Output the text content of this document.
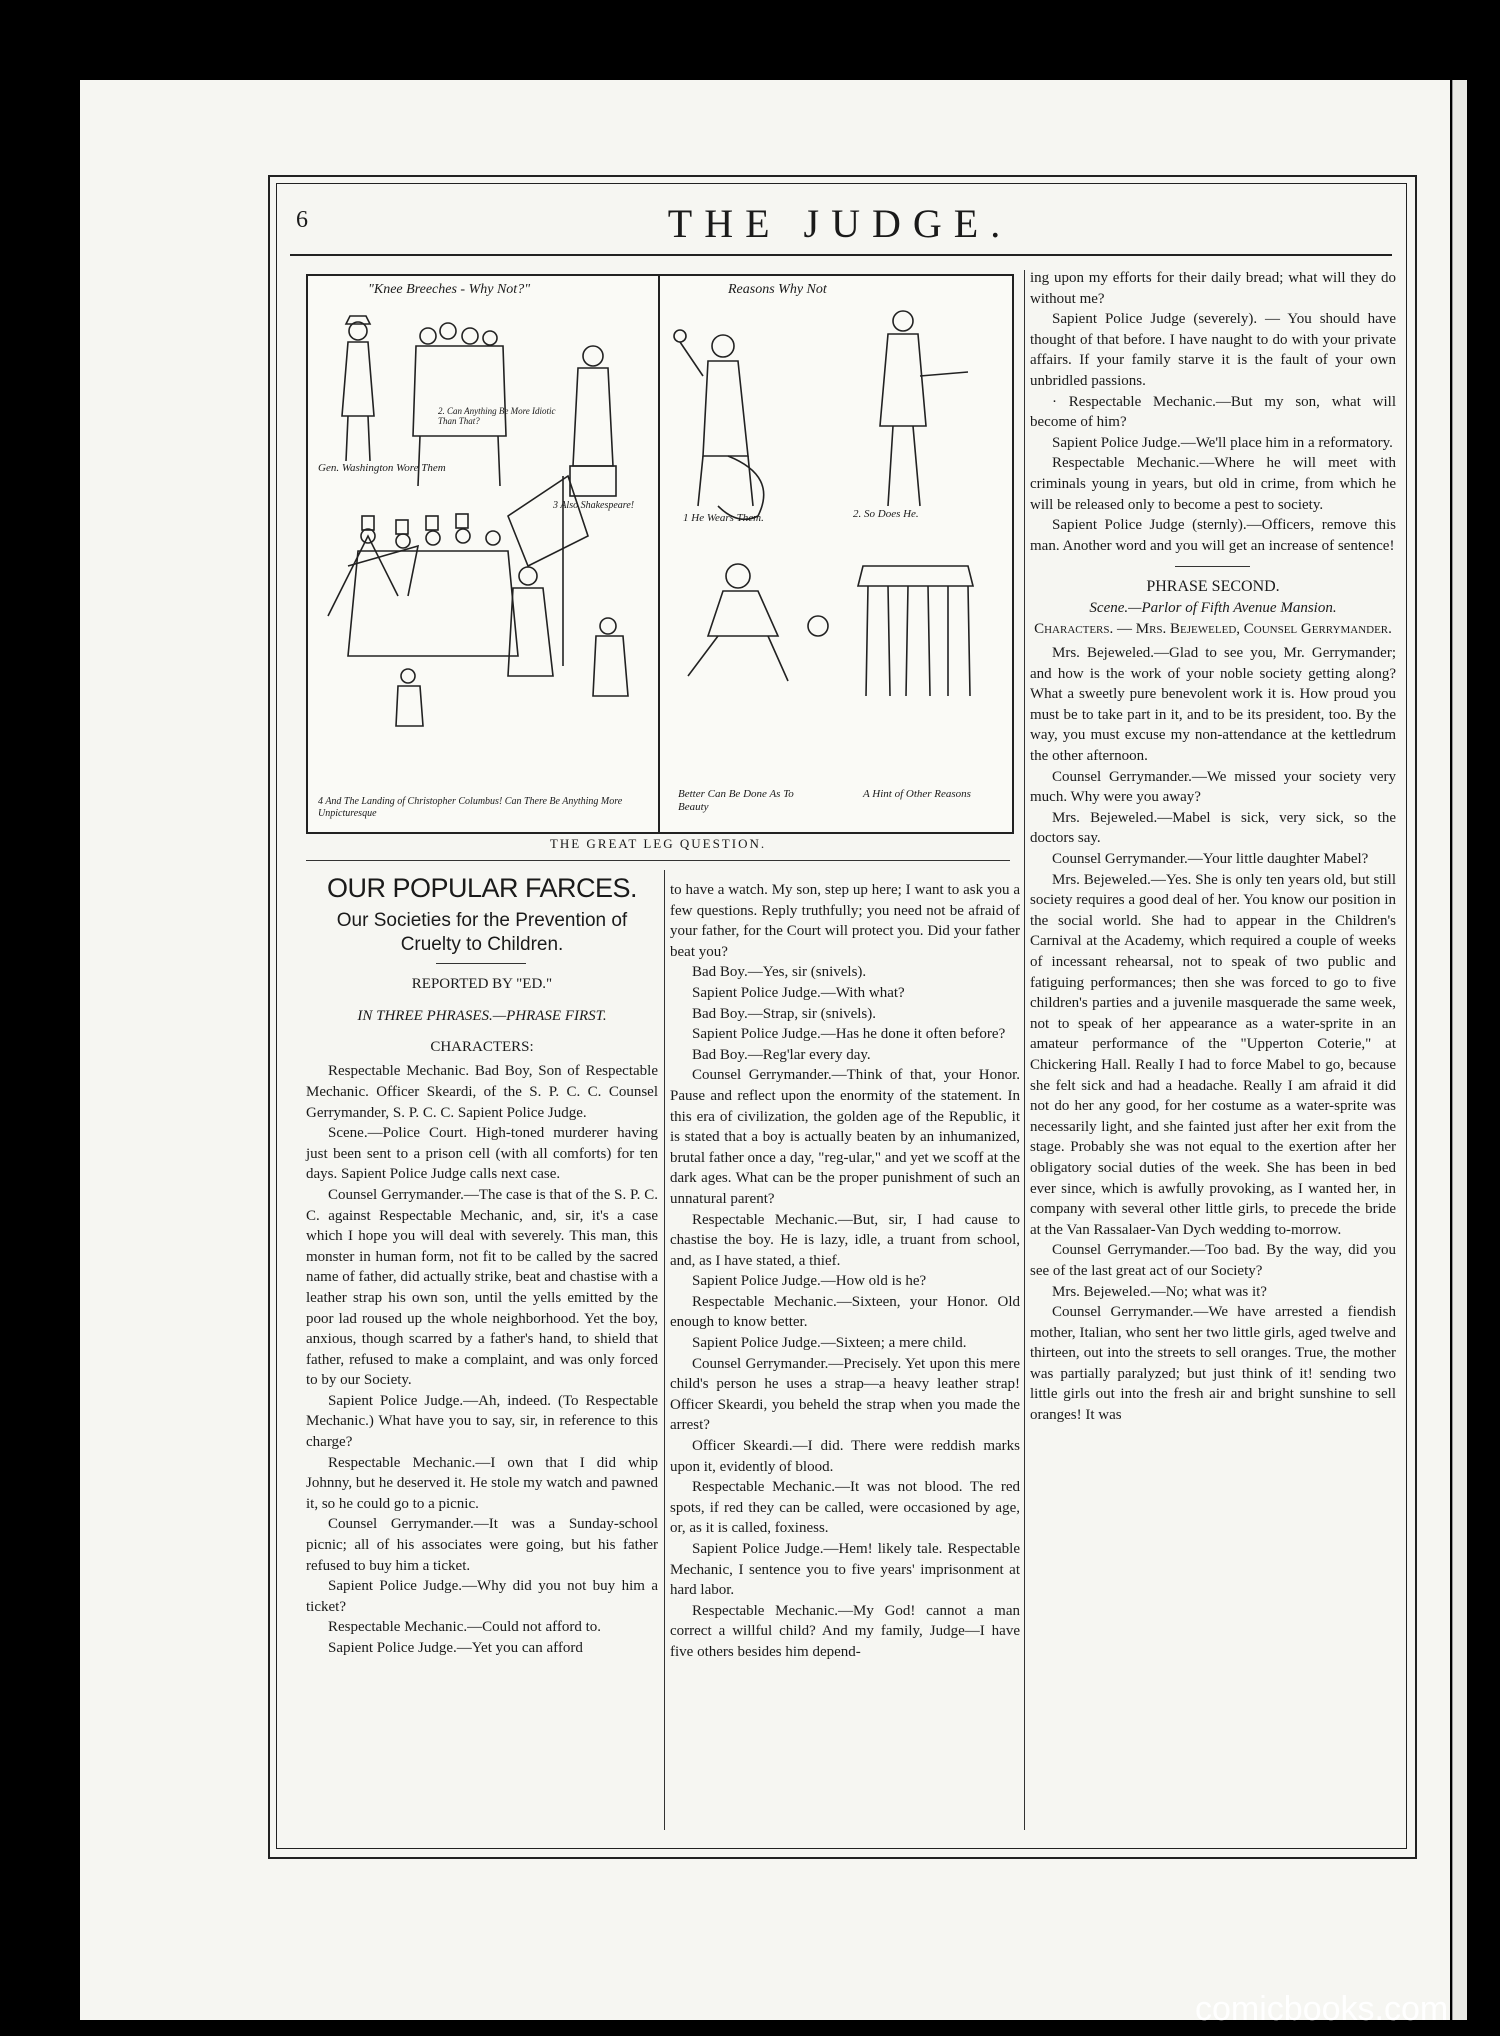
6	THE JUDGE.
"Knee Breeches - Why Not?"	Reasons Why Not
Gen. Washington Wore Them
2. Can Anything Be More Idiotic Than That?
3 Also Shakespeare!
4 And The Landing of Christopher Columbus! Can There Be Anything More Unpicturesque
1 He Wears Them.	2. So Does He.
Better Can Be Done As To Beauty
A Hint of Other Reasons
THE GREAT LEG QUESTION.
OUR POPULAR FARCES.
Our Societies for the Prevention of Cruelty to Children.

REPORTED BY "ED."

IN THREE PHRASES.—PHRASE FIRST.

CHARACTERS:

Respectable Mechanic. Bad Boy, Son of Respectable Mechanic. Officer Skeardi, of the S. P. C. C. Counsel Gerrymander, S. P. C. C. Sapient Police Judge.

Scene.—Police Court. High-toned murderer having just been sent to a prison cell (with all comforts) for ten days. Sapient Police Judge calls next case.

Counsel Gerrymander.—The case is that of the S. P. C. C. against Respectable Mechanic, and, sir, it's a case which I hope you will deal with severely. This man, this monster in human form, not fit to be called by the sacred name of father, did actually strike, beat and chastise with a leather strap his own son, until the yells emitted by the poor lad roused up the whole neighborhood. Yet the boy, anxious, though scarred by a father's hand, to shield that father, refused to make a complaint, and was only forced to by our Society.

Sapient Police Judge.—Ah, indeed. (To Respectable Mechanic.) What have you to say, sir, in reference to this charge?

Respectable Mechanic.—I own that I did whip Johnny, but he deserved it. He stole my watch and pawned it, so he could go to a picnic.

Counsel Gerrymander.—It was a Sunday-school picnic; all of his associates were going, but his father refused to buy him a ticket.

Sapient Police Judge.—Why did you not buy him a ticket?

Respectable Mechanic.—Could not afford to.

Sapient Police Judge.—Yet you can afford

to have a watch. My son, step up here; I want to ask you a few questions. Reply truthfully; you need not be afraid of your father, for the Court will protect you. Did your father beat you?

Bad Boy.—Yes, sir (snivels).

Sapient Police Judge.—With what?

Bad Boy.—Strap, sir (snivels).

Sapient Police Judge.—Has he done it often before?

Bad Boy.—Reg'lar every day.

Counsel Gerrymander.—Think of that, your Honor. Pause and reflect upon the enormity of the statement. In this era of civilization, the golden age of the Republic, it is stated that a boy is actually beaten by an inhumanized, brutal father once a day, "reg-ular," and yet we scoff at the dark ages. What can be the proper punishment of such an unnatural parent?

Respectable Mechanic.—But, sir, I had cause to chastise the boy. He is lazy, idle, a truant from school, and, as I have stated, a thief.

Sapient Police Judge.—How old is he?

Respectable Mechanic.—Sixteen, your Honor. Old enough to know better.

Sapient Police Judge.—Sixteen; a mere child.

Counsel Gerrymander.—Precisely. Yet upon this mere child's person he uses a strap—a heavy leather strap! Officer Skeardi, you beheld the strap when you made the arrest?

Officer Skeardi.—I did. There were reddish marks upon it, evidently of blood.

Respectable Mechanic.—It was not blood. The red spots, if red they can be called, were occasioned by age, or, as it is called, foxiness.

Sapient Police Judge.—Hem! likely tale. Respectable Mechanic, I sentence you to five years' imprisonment at hard labor.

Respectable Mechanic.—My God! cannot a man correct a willful child? And my family, Judge—I have five others besides him depend-

ing upon my efforts for their daily bread; what will they do without me?

Sapient Police Judge (severely). — You should have thought of that before. I have naught to do with your private affairs. If your family starve it is the fault of your own unbridled passions.

· Respectable Mechanic.—But my son, what will become of him?

Sapient Police Judge.—We'll place him in a reformatory.

Respectable Mechanic.—Where he will meet with criminals young in years, but old in crime, from which he will be released only to become a pest to society.

Sapient Police Judge (sternly).—Officers, remove this man. Another word and you will get an increase of sentence!

PHRASE SECOND.

Scene.—Parlor of Fifth Avenue Mansion.

Characters. — Mrs. Bejeweled, Counsel Gerrymander.

Mrs. Bejeweled.—Glad to see you, Mr. Gerrymander; and how is the work of your noble society getting along? What a sweetly pure benevolent work it is. How proud you must be to take part in it, and to be its president, too. By the way, you must excuse my non-attendance at the kettledrum the other afternoon.

Counsel Gerrymander.—We missed your society very much. Why were you away?

Mrs. Bejeweled.—Mabel is sick, very sick, so the doctors say.

Counsel Gerrymander.—Your little daughter Mabel?

Mrs. Bejeweled.—Yes. She is only ten years old, but still society requires a good deal of her. You know our position in the social world. She had to appear in the Children's Carnival at the Academy, which required a couple of weeks of incessant rehearsal, not to speak of two public and fatiguing performances; then she was forced to go to five children's parties and a juvenile masquerade the same week, not to speak of her appearance as a water-sprite in an amateur performance of the "Upperton Coterie," at Chickering Hall. Really I had to force Mabel to go, because she felt sick and had a headache. Really I am afraid it did not do her any good, for her costume as a water-sprite was necessarily light, and she fainted just after her exit from the stage. Probably she was not equal to the exertion after her obligatory social duties of the week. She has been in bed ever since, which is awfully provoking, as I wanted her, in company with several other little girls, to precede the bride at the Van Rassalaer-Van Dych wedding to-morrow.

Counsel Gerrymander.—Too bad. By the way, did you see of the last great act of our Society?

Mrs. Bejeweled.—No; what was it?

Counsel Gerrymander.—We have arrested a fiendish mother, Italian, who sent her two little girls, aged twelve and thirteen, out into the streets to sell oranges. True, the mother was partially paralyzed; but just think of it! sending two little girls out into the fresh air and bright sunshine to sell oranges! It was

comicbooks.com
